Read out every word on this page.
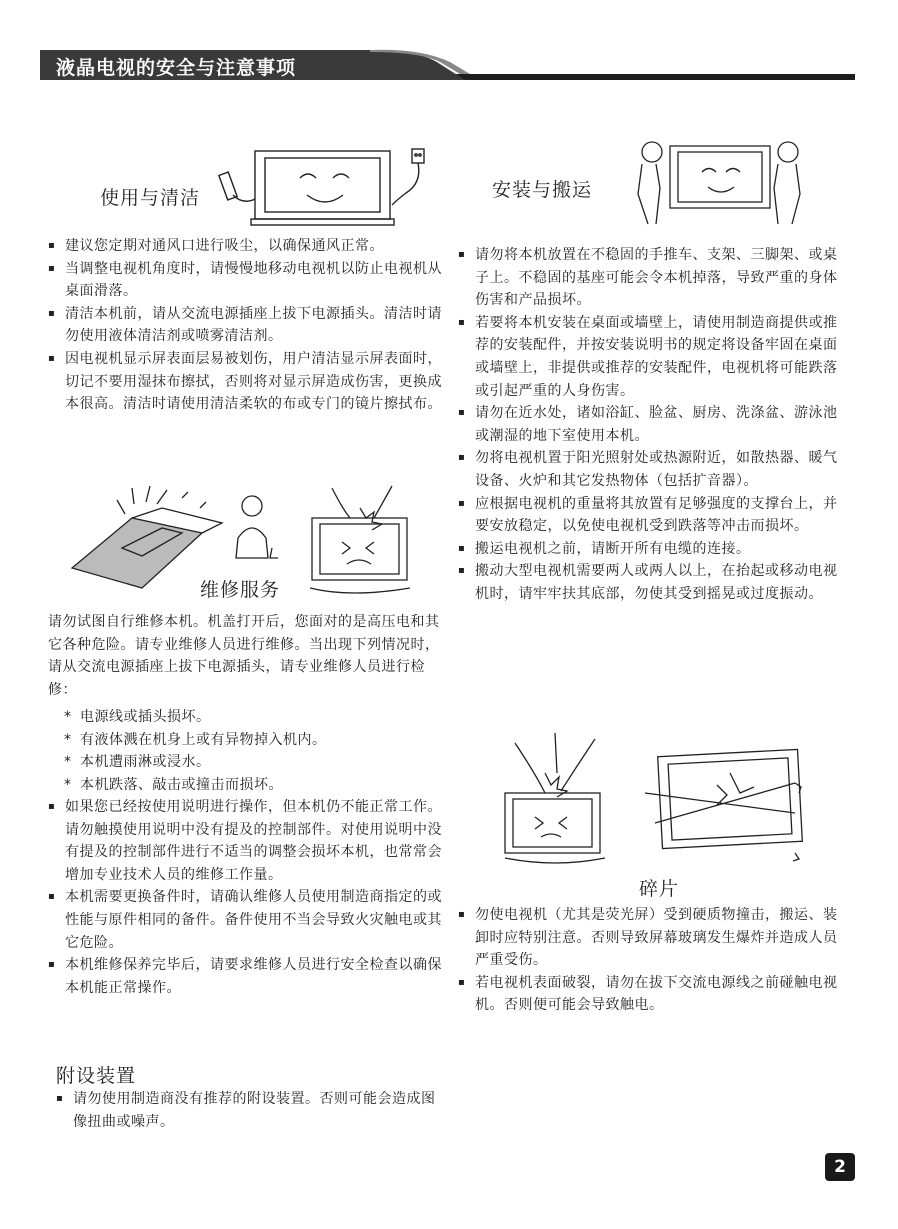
液晶电视的安全与注意事项
使用与清洁
▪ 建议您定期对通风口进行吸尘，以确保通风正常。
▪ 当调整电视机角度时，请慢慢地移动电视机以防止电视机从桌面滑落。
▪ 清洁本机前，请从交流电源插座上拔下电源插头。清洁时请勿使用液体清洁剂或喷雾清洁剂。
▪ 因电视机显示屏表面层易被划伤，用户清洁显示屏表面时，切记不要用湿抹布擦拭，否则将对显示屏造成伤害，更换成本很高。清洁时请使用清洁柔软的布或专门的镜片擦拭布。
维修服务

请勿试图自行维修本机。机盖打开后，您面对的是高压电和其它各种危险。请专业维修人员进行维修。当出现下列情况时，请从交流电源插座上拔下电源插头，请专业维修人员进行检修：

* 电源线或插头损坏。
* 有液体溅在机身上或有异物掉入机内。
* 本机遭雨淋或浸水。
* 本机跌落、敲击或撞击而损坏。
▪ 如果您已经按使用说明进行操作，但本机仍不能正常工作。请勿触摸使用说明中没有提及的控制部件。对使用说明中没有提及的控制部件进行不适当的调整会损坏本机，也常常会增加专业技术人员的维修工作量。
▪ 本机需要更换备件时，请确认维修人员使用制造商指定的或性能与原件相同的备件。备件使用不当会导致火灾触电或其它危险。
▪ 本机维修保养完毕后，请要求维修人员进行安全检查以确保本机能正常操作。
附设装置
▪ 请勿使用制造商没有推荐的附设装置。否则可能会造成图像扭曲或噪声。
安装与搬运
▪ 请勿将本机放置在不稳固的手推车、支架、三脚架、或桌子上。不稳固的基座可能会令本机掉落，导致严重的身体伤害和产品损坏。
▪ 若要将本机安装在桌面或墙壁上，请使用制造商提供或推荐的安装配件，并按安装说明书的规定将设备牢固在桌面或墙壁上，非提供或推荐的安装配件，电视机将可能跌落或引起严重的人身伤害。
▪ 请勿在近水处，诸如浴缸、脸盆、厨房、洗涤盆、游泳池或潮湿的地下室使用本机。
▪ 勿将电视机置于阳光照射处或热源附近，如散热器、暖气设备、火炉和其它发热物体（包括扩音器）。
▪ 应根据电视机的重量将其放置有足够强度的支撑台上，并要安放稳定，以免使电视机受到跌落等冲击而损坏。
▪ 搬运电视机之前，请断开所有电缆的连接。
▪ 搬动大型电视机需要两人或两人以上，在抬起或移动电视机时，请牢牢扶其底部，勿使其受到摇晃或过度振动。
碎片
▪ 勿使电视机（尤其是荧光屏）受到硬质物撞击，搬运、装卸时应特别注意。否则导致屏幕玻璃发生爆炸并造成人员严重受伤。
▪ 若电视机表面破裂，请勿在拔下交流电源线之前碰触电视机。否则便可能会导致触电。
2
